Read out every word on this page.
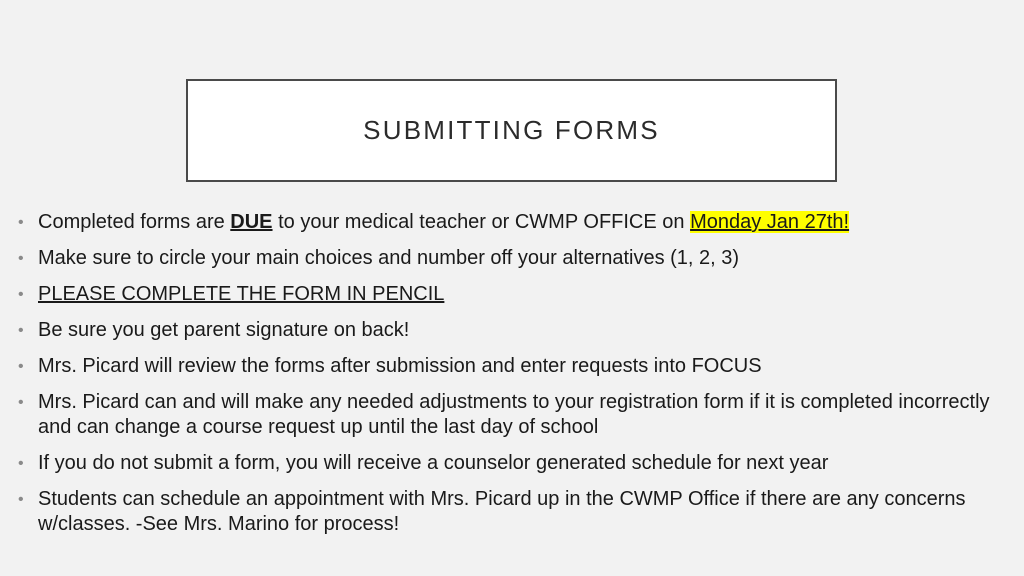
SUBMITTING FORMS
• Completed forms are DUE to your medical teacher or CWMP OFFICE on Monday Jan 27th!
• Make sure to circle your main choices and number off your alternatives (1, 2, 3)
• PLEASE COMPLETE THE FORM IN PENCIL
• Be sure you get parent signature on back!
• Mrs. Picard will review the forms after submission and enter requests into FOCUS
• Mrs. Picard can and will make any needed adjustments to your registration form if it is completed incorrectly and can change a course request up until the last day of school
• If you do not submit a form, you will receive a counselor generated schedule for next year
• Students can schedule an appointment with Mrs. Picard up in the CWMP Office if there are any concerns w/classes. -See Mrs. Marino for process!
